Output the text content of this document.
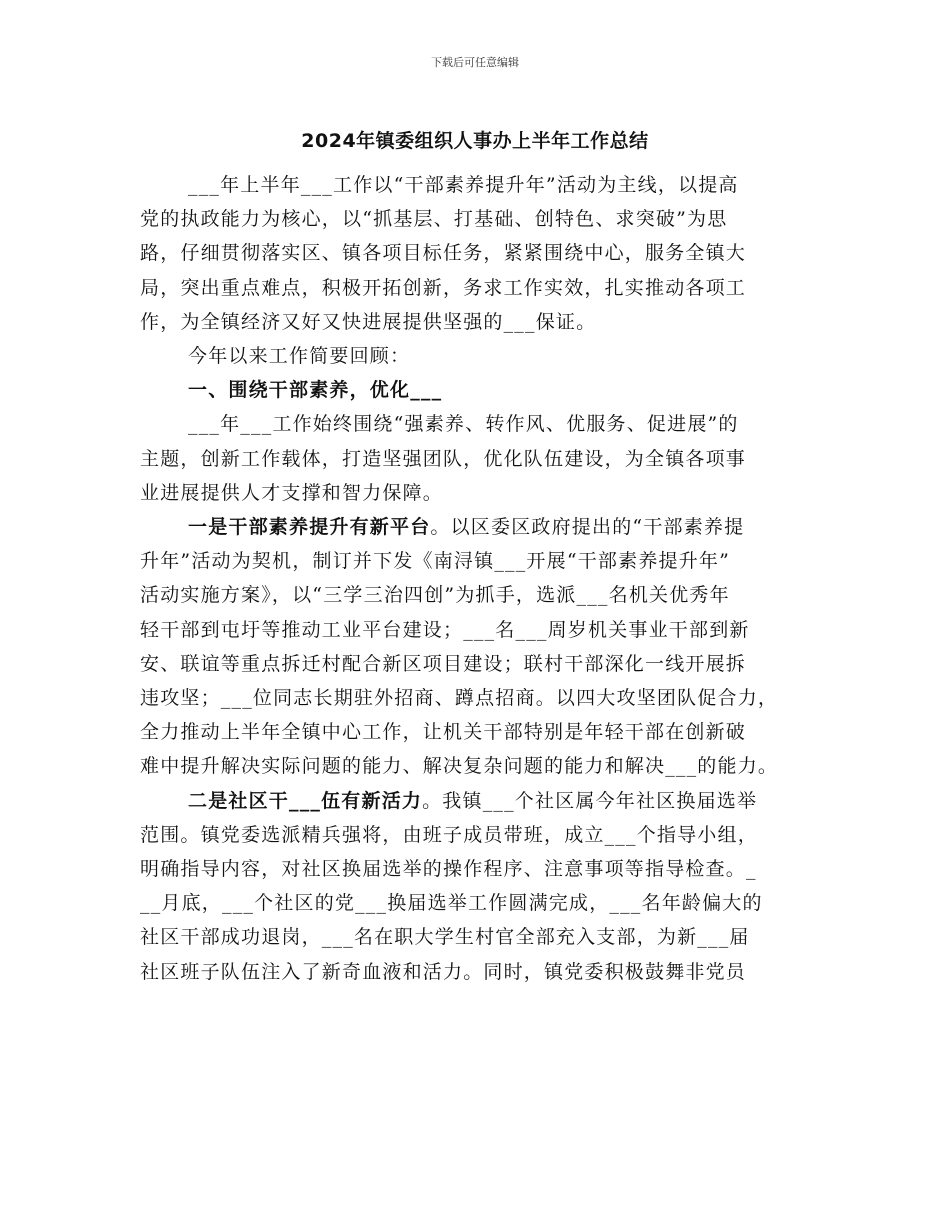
下载后可任意编辑
2024年镇委组织人事办上半年工作总结
___年上半年___工作以“干部素养提升年”活动为主线，以提高
党的执政能力为核心，以“抓基层、打基础、创特色、求突破”为思
路，仔细贯彻落实区、镇各项目标任务，紧紧围绕中心，服务全镇大
局，突出重点难点，积极开拓创新，务求工作实效，扎实推动各项工
作，为全镇经济又好又快进展提供坚强的___保证。
今年以来工作简要回顾：
一、围绕干部素养，优化___
___年___工作始终围绕“强素养、转作风、优服务、促进展”的
主题，创新工作载体，打造坚强团队，优化队伍建设，为全镇各项事
业进展提供人才支撑和智力保障。
一是干部素养提升有新平台。以区委区政府提出的“干部素养提
升年”活动为契机，制订并下发《南浔镇___开展“干部素养提升年”
活动实施方案》，以“三学三治四创”为抓手，选派___名机关优秀年
轻干部到屯圩等推动工业平台建设；___名___周岁机关事业干部到新
安、联谊等重点拆迁村配合新区项目建设；联村干部深化一线开展拆
违攻坚；___位同志长期驻外招商、蹲点招商。以四大攻坚团队促合力，
全力推动上半年全镇中心工作，让机关干部特别是年轻干部在创新破
难中提升解决实际问题的能力、解决复杂问题的能力和解决___的能力。
二是社区干___伍有新活力。我镇___个社区属今年社区换届选举
范围。镇党委选派精兵强将，由班子成员带班，成立___个指导小组，
明确指导内容，对社区换届选举的操作程序、注意事项等指导检查。_
__月底，___个社区的党___换届选举工作圆满完成，___名年龄偏大的
社区干部成功退岗，___名在职大学生村官全部充入支部，为新___届
社区班子队伍注入了新奇血液和活力。同时，镇党委积极鼓舞非党员
